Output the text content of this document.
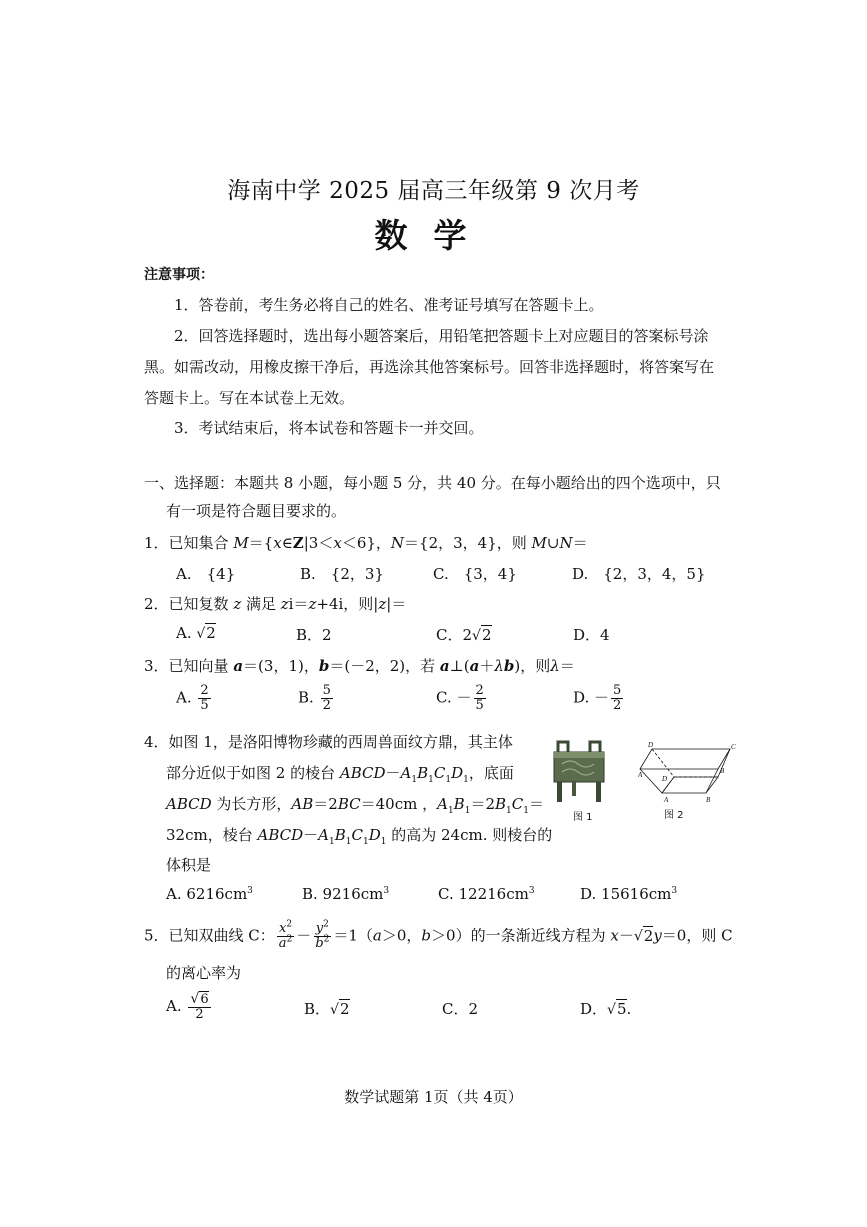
海南中学 2025 届高三年级第 9 次月考
数学
注意事项：
1．答卷前，考生务必将自己的姓名、准考证号填写在答题卡上。
2．回答选择题时，选出每小题答案后，用铅笔把答题卡上对应题目的答案标号涂
黑。如需改动，用橡皮擦干净后，再选涂其他答案标号。回答非选择题时，将答案写在
答题卡上。写在本试卷上无效。
3．考试结束后，将本试卷和答题卡一并交回。
一、选择题：本题共 8 小题，每小题 5 分，共 40 分。在每小题给出的四个选项中，只
有一项是符合题目要求的。
1．已知集合 M＝{x∈Z|3＜x＜6}，N＝{2，3，4}，则 M∪N＝
A.　{4}	B.　{2，3}	C.　{3，4}	D.　{2，3，4，5}
2．已知复数 z 满足 zi＝z+4i，则|z|＝
A. √2	B．2	C．2√2	D．4
3．已知向量 a＝(3，1)，b＝(－2，2)，若 a⊥(a＋λb)，则λ＝
A. $\frac{2}{5}$	B. $\frac{5}{2}$	C. － $\frac{2}{5}$	D. － $\frac{5}{2}$
4．如图 1，是洛阳博物珍藏的西周兽面纹方鼎，其主体
部分近似于如图 2 的棱台 $ABCD-A_1B_1C_1D_1$，底面
ABCD 为长方形，AB＝2BC＝40cm ，$A_1B_1=2B_1C_1=$
32cm，棱台 $ABCD-A_1B_1C_1D_1$ 的高为 24cm. 则棱台的
体积是
图 1
D	C
A	B
D
A	B
图 2
A. $6216cm^3$	B. $9216cm^3$	C. $12216cm^3$	D. $15616cm^3$
5．已知双曲线 C： $\frac{x^2}{a^2} - \frac{y^2}{b^2} =1(a>0$，b＞0）的一条渐近线方程为 x－√2y＝0，则 C
的离心率为
A. $\frac{√6}{2}$	B．√2	C．2	D．√5.
数学试题第 1页（共 4页）
